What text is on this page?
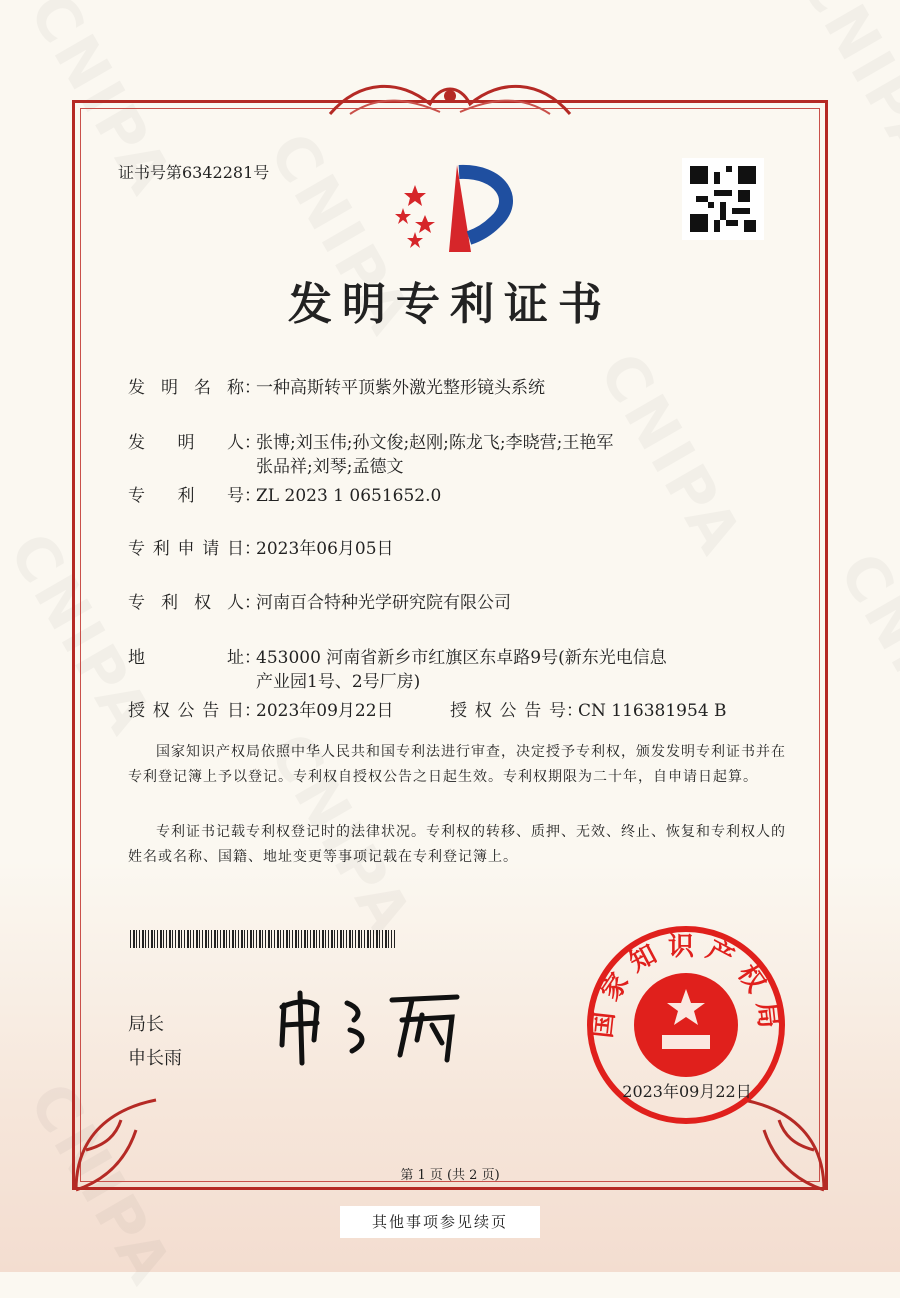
证书号第6342281号
发明专利证书
发明名称 ：
一种高斯转平顶紫外激光整形镜头系统
发明人 ：
张博;刘玉伟;孙文俊;赵刚;陈龙飞;李晓营;王艳军
张品祥;刘琴;孟德文
专利号 ：
ZL 2023 1 0651652.0
专利申请日 ：
2023年06月05日
专利权人 ：
河南百合特种光学研究院有限公司
地址 ：
453000 河南省新乡市红旗区东卓路9号(新东光电信息
产业园1号、2号厂房)
授权公告日 ：
2023年09月22日	授权公告号 ：
CN 116381954 B
国家知识产权局依照中华人民共和国专利法进行审查，决定授予专利权，颁发发明专利证书并在专利登记簿上予以登记。专利权自授权公告之日起生效。专利权期限为二十年，自申请日起算。
专利证书记载专利权登记时的法律状况。专利权的转移、质押、无效、终止、恢复和专利权人的姓名或名称、国籍、地址变更等事项记载在专利登记簿上。
局长
申长雨
国家知识产权局
2023年09月22日
第 1 页 (共 2 页)
其他事项参见续页
